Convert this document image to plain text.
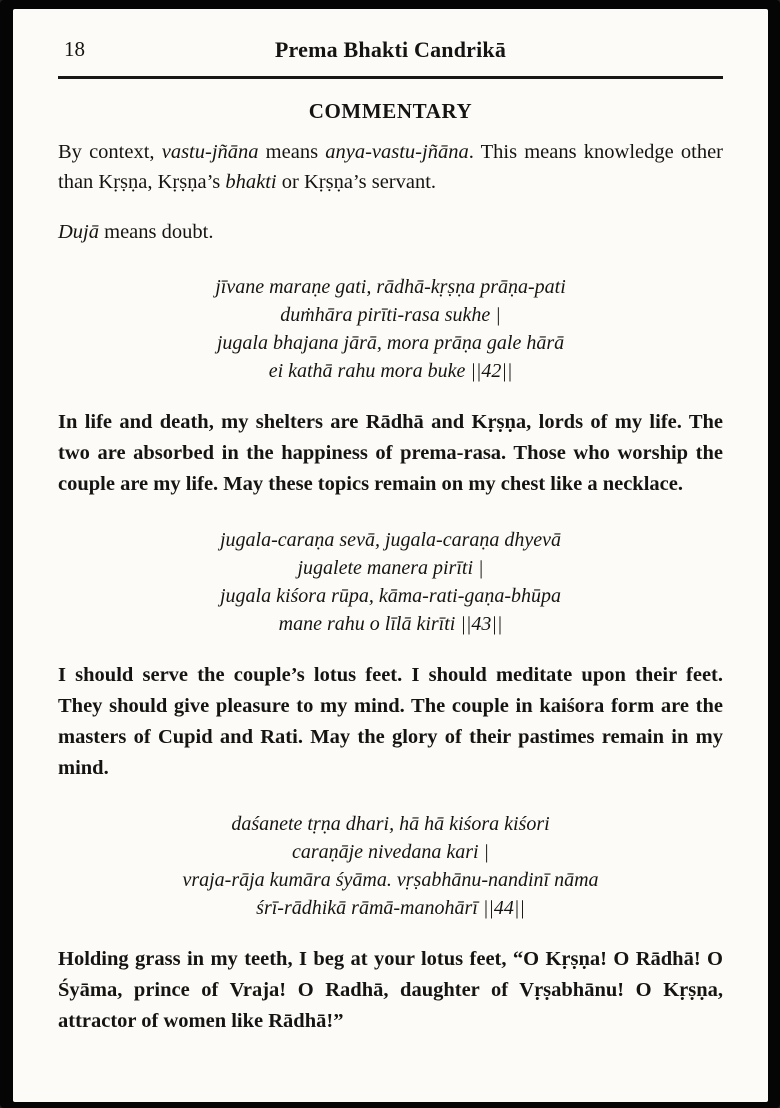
18	Prema Bhakti Candrikā
COMMENTARY

By context, vastu-jñāna means anya-vastu-jñāna. This means knowledge other than Kṛṣṇa, Kṛṣṇa’s bhakti or Kṛṣṇa’s servant.

Dujā means doubt.

jīvane maraṇe gati, rādhā-kṛṣṇa prāṇa-pati
duṁhāra pirīti-rasa sukhe |
jugala bhajana jārā, mora prāṇa gale hārā
ei kathā rahu mora buke ||42||

In life and death, my shelters are Rādhā and Kṛṣṇa, lords of my life. The two are absorbed in the happiness of prema-rasa. Those who worship the couple are my life. May these topics remain on my chest like a necklace.

jugala-caraṇa sevā, jugala-caraṇa dhyevā
jugalete manera pirīti |
jugala kiśora rūpa, kāma-rati-gaṇa-bhūpa
mane rahu o līlā kirīti ||43||

I should serve the couple’s lotus feet. I should meditate upon their feet. They should give pleasure to my mind. The couple in kaiśora form are the masters of Cupid and Rati. May the glory of their pastimes remain in my mind.

daśanete tṛṇa dhari, hā hā kiśora kiśori
caraṇāje nivedana kari |
vraja-rāja kumāra śyāma. vṛṣabhānu-nandinī nāma
śrī-rādhikā rāmā-manohārī ||44||

Holding grass in my teeth, I beg at your lotus feet, “O Kṛṣṇa! O Rādhā! O Śyāma, prince of Vraja! O Radhā, daughter of Vṛṣabhānu! O Kṛṣṇa, attractor of women like Rādhā!”
